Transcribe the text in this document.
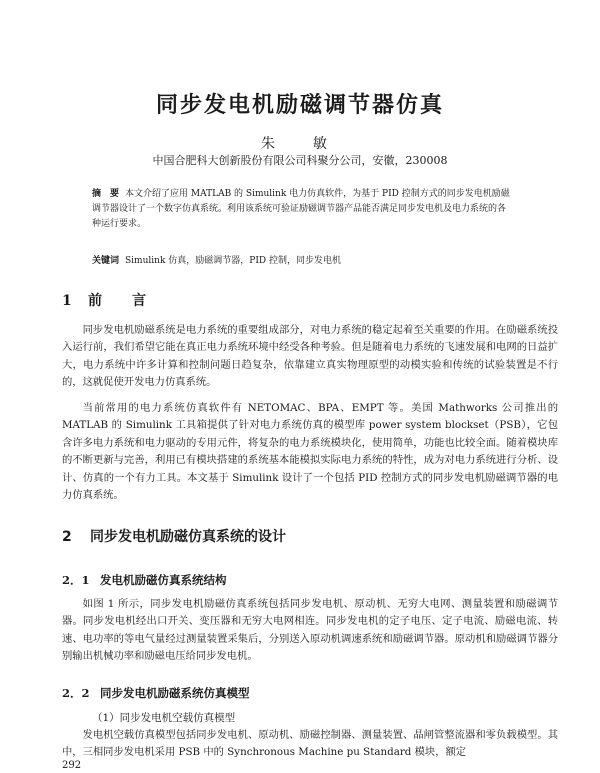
同步发电机励磁调节器仿真
朱　敏
中国合肥科大创新股份有限公司科聚分公司，安徽，230008
摘　要 本文介绍了应用 MATLAB 的 Simulink 电力仿真软件，为基于 PID 控制方式的同步发电机励磁调节器设计了一个数字仿真系统。利用该系统可验证励磁调节器产品能否满足同步发电机及电力系统的各种运行要求。
关键词 Simulink 仿真，励磁调节器，PID 控制，同步发电机
1 前　言

同步发电机励磁系统是电力系统的重要组成部分，对电力系统的稳定起着至关重要的作用。在励磁系统投入运行前，我们希望它能在真正电力系统环境中经受各种考验。但是随着电力系统的飞速发展和电网的日益扩大，电力系统中许多计算和控制问题日趋复杂，依靠建立真实物理原型的动模实验和传统的试验装置是不行的，这就促使开发电力仿真系统。

当前常用的电力系统仿真软件有 NETOMAC、BPA、EMPT 等。美国 Mathworks 公司推出的 MATLAB 的 Simulink 工具箱提供了针对电力系统仿真的模型库 power system blockset（PSB），它包含许多电力系统和电力驱动的专用元件，将复杂的电力系统模块化，使用简单，功能也比较全面。随着模块库的不断更新与完善，利用已有模块搭建的系统基本能模拟实际电力系统的特性，成为对电力系统进行分析、设计、仿真的一个有力工具。本文基于 Simulink 设计了一个包括 PID 控制方式的同步发电机励磁调节器的电力仿真系统。

2 同步发电机励磁仿真系统的设计
2．1 发电机励磁仿真系统结构

如图 1 所示，同步发电机励磁仿真系统包括同步发电机、原动机、无穷大电网、测量装置和励磁调节器。同步发电机经出口开关、变压器和无穷大电网相连。同步发电机的定子电压、定子电流、励磁电流、转速、电功率的等电气量经过测量装置采集后，分别送入原动机调速系统和励磁调节器。原动机和励磁调节器分别输出机械功率和励磁电压给同步发电机。

2．2 同步发电机励磁系统仿真模型
（1）同步发电机空载仿真模型

发电机空载仿真模型包括同步发电机、原动机、励磁控制器、测量装置、晶闸管整流器和零负载模型。其中，三相同步发电机采用 PSB 中的 Synchronous Machine pu Standard 模块，额定

292
